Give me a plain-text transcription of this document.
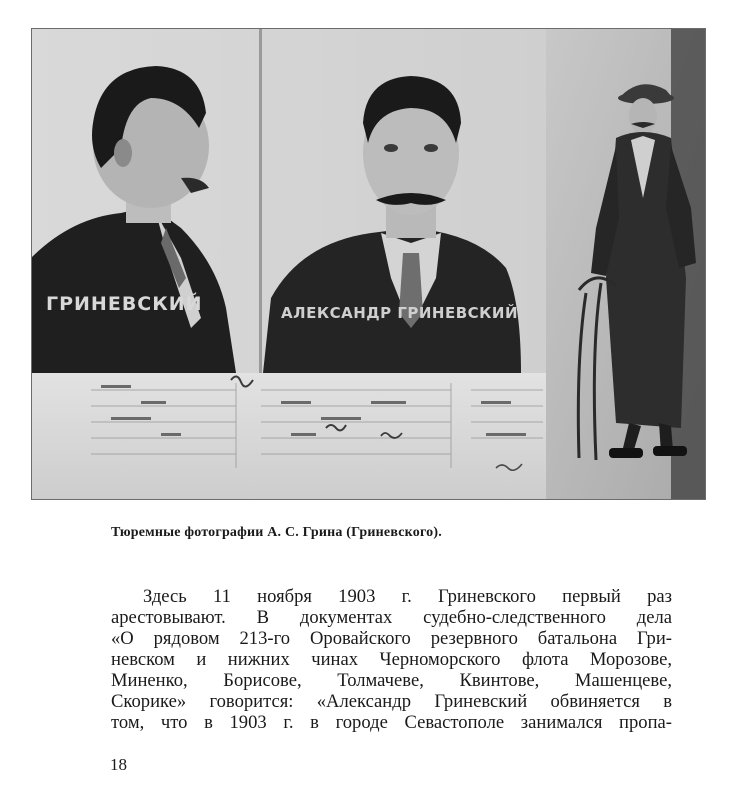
ГРИНЕВСКИЙ	АЛЕКСАНДР ГРИНЕВСКИЙ
Тюремные фотографии А. С. Грина (Гриневского).
Здесь 11 ноября 1903 г. Гриневского первый раз
арестовывают. В документах судебно-следственного дела
«О рядовом 213-го Оровайского резервного батальона Гри-
невском и нижних чинах Черноморского флота Морозове,
Миненко, Борисове, Толмачеве, Квинтове, Машенцеве,
Скорике» говорится: «Александр Гриневский обвиняется в
том, что в 1903 г. в городе Севастополе занимался пропа-
18
